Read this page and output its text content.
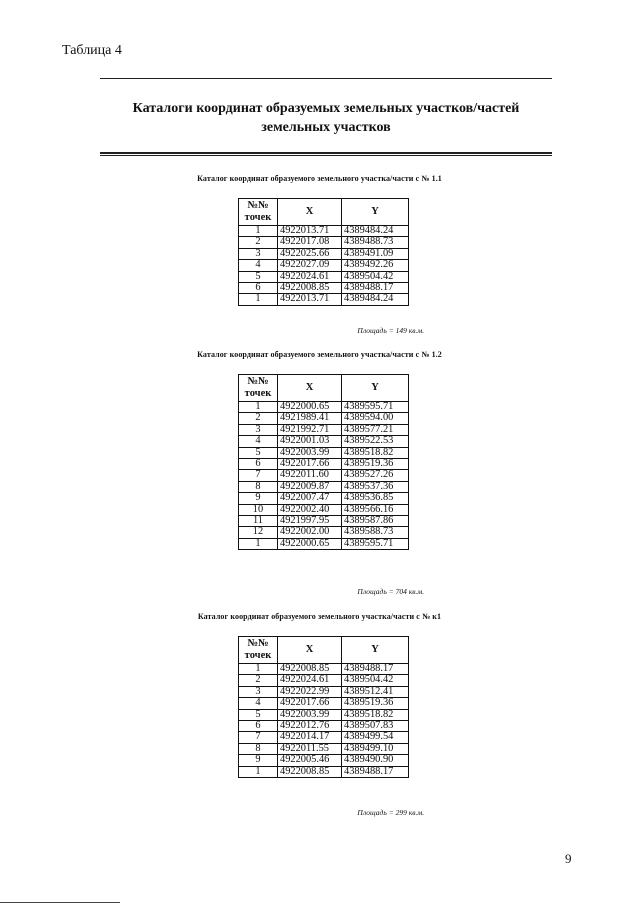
Таблица 4
Каталоги координат образуемых земельных участков/частей земельных участков
Каталог координат образуемого земельного участка/части с № 1.1
№№ точек	X	Y
1	4922013.71	4389484.24
2	4922017.08	4389488.73
3	4922025.66	4389491.09
4	4922027.09	4389492.26
5	4922024.61	4389504.42
6	4922008.85	4389488.17
1	4922013.71	4389484.24
Площадь = 149 кв.м.
Каталог координат образуемого земельного участка/части с № 1.2
№№ точек	X	Y
1	4922000.65	4389595.71
2	4921989.41	4389594.00
3	4921992.71	4389577.21
4	4922001.03	4389522.53
5	4922003.99	4389518.82
6	4922017.66	4389519.36
7	4922011.60	4389527.26
8	4922009.87	4389537.36
9	4922007.47	4389536.85
10	4922002.40	4389566.16
11	4921997.95	4389587.86
12	4922002.00	4389588.73
1	4922000.65	4389595.71
Площадь = 704 кв.м.
Каталог координат образуемого земельного участка/части с № к1
№№ точек	X	Y
1	4922008.85	4389488.17
2	4922024.61	4389504.42
3	4922022.99	4389512.41
4	4922017.66	4389519.36
5	4922003.99	4389518.82
6	4922012.76	4389507.83
7	4922014.17	4389499.54
8	4922011.55	4389499.10
9	4922005.46	4389490.90
1	4922008.85	4389488.17
Площадь = 299 кв.м.
9
